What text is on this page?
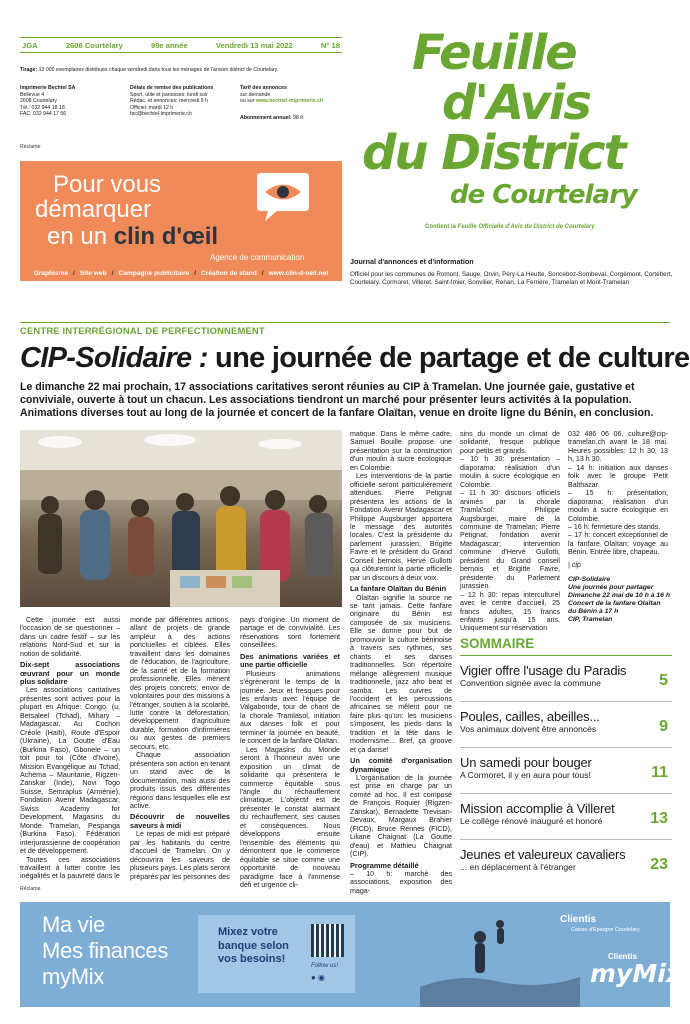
JGA	2608 Courtelary	99e année	Vendredi 13 mai 2022	N° 18
Tirage: 12 000 exemplaires distribués chaque vendredi dans tous les ménages de l'ancien district de Courtelary.
Imprimerie Bechtel SA
Bellevue 4
2608 Courtelary
Tél.: 032 944 18 18
FAC: 032 944 17 56
Délais de remise des publications
Sport, utile et paroisses: lundi soir
Rédac. et annonces: mercredi 9 h
Officiel: mardi 12 h
fac@bechtel-imprimerie.ch
Tarif des annonces
sur demande
ou sur www.bechtel-imprimerie.ch
Abonnement annuel: 98 fr.
Réclame
Pour vous
démarquer
en un clin d'œil
Agence de communication
Graphisme / Site web / Campagne publicitaire / Création de stand / www.clin-d-oeil.net
Feuille
d'Avis
du District
de Courtelary
Contient la Feuille Officielle d'Avis du District de Courtelary
Journal d'annonces et d'information
Officiel pour les communes de Romont, Sauge, Orvin, Péry-La Heutte, Sonceboz-Sombeval, Corgémont, Cortébert, Courtelary, Cormoret, Villeret, Saint-Imier, Sonvilier, Renan, La Ferrière, Tramelan et Mont-Tramelan
CENTRE INTERRÉGIONAL DE PERFECTIONNEMENT
CIP-Solidaire : une journée de partage et de culture
Le dimanche 22 mai prochain, 17 associations caritatives seront réunies au CIP à Tramelan. Une journée gaie, gustative et conviviale, ouverte à tout un chacun. Les associations tiendront un marché pour présenter leurs activités à la population. Animations diverses tout au long de la journée et concert de la fanfare Olaïtan, venue en droite ligne du Bénin, en conclusion.

Cette journée est aussi l'occasion de se questionner – dans un cadre festif – sur les relations Nord-Sud et sur la notion de solidarité.

Dix-sept associations œuvrant pour un monde plus solidaire

Les associations caritatives présentes sont actives pour la plupart en Afrique: Congo. (u, Betsaleel (Tchad), Mihary – Madagascar, Au Cochon Créole (Haïti), Route d'Espoir (Ukraine), La Goutte d'Eau (Burkina Faso), Gbonele – un toit pour toi (Côte d'Ivoire), Mission Evangélique au Tchad, Achema – Mauritanie, Rigzen-Zanskar (Inde), Novi Togo Suisse, Semraplus (Arménie), Fondation Avenir Madagascar, Swiss Academy for Development, Magasins du Monde Tramelan, Pespanga (Burkina Faso). Fédération interjurassienne de coopération et de développement.

Toutes ces associations travaillent à lutter contre les inégalités et la pauvreté dans le

monde par différentes actions, allant de projets de grande ampleur à des actions ponctuelles et ciblées. Elles travaillent dans les domaines de l'éducation, de l'agriculture, de la santé et de la formation professionnelle. Elles mènent des projets concrets: envoi de volontaires pour des missions à l'étranger, soutien à la scolarité, lutte contre la déforestation, développement d'agriculture durable, formation d'infirmières ou aux gestes de premiers secours, etc.

Chaque association présentera son action en tenant un stand avec de la documentation, mais aussi des produits issus des différentes régions dans lesquelles elle est active.

Découvrir de nouvelles saveurs à midi

Le repas de midi est préparé par les habitants du centre d'accueil de Tramelan. On y découvrira les saveurs de plusieurs pays. Les plats seront préparés par les personnes des

pays d'origine. Un moment de partage et de convivialité. Les réservations sont fortement conseillées.

Des animations variées et une partie officielle

Plusieurs animations s'égrèneront le temps de la journée. Jeux et fresques pour les enfants avec l'équipe de Valgabonde, tour de chant de la chorale Tramlasol, initiation aux danses folk et pour terminer la journée en beauté, le concert de la fanfare Olaïtan.

Les Magasins du Monde seront à l'honneur avec une exposition un climat de solidarité qui présentera le commerce équitable sous l'angle du réchauffement climatique. L'objectif est de présenter le constat alarmant du réchauffement, ses causes et conséquences. Nous développons ensuite l'ensemble des éléments qui démontrent que le commerce équitable se situe comme une opportunité de nouveau paradigme face à l'immense défi et urgence cli-

matique. Dans le même cadre, Samuel Bouille propose une présentation sur la construction d'un moulin à sucre écologique en Colombie.

Les interventions de la partie officielle seront particulièrement attendues. Pierre Petignat présentera les actions de la Fondation Avenir Madagascar et Philippe Augsburger apportera le message des autorités locales. C'est la présidente du parlement jurassien, Brigitte Favre et le président du Grand Conseil bernois, Hervé Gullotti qui clôtureront la partie officielle par un discours à deux voix.

La fanfare Olaïtan du Bénin

Olaïtan signifie la source ne se tarit jamais. Cette fanfare originaire du Bénin est composée de six musiciens. Elle se donne pour but de promouvoir la culture béninoise à travers ses rythmes, ses chants et ses danses traditionnelles. Son répertoire mélange allègrement musique traditionnelle, jazz afro beat et samba. Les cuivres de l'occident et les percussions africaines se mêlent pour ne faire plus qu'un: les musiciens s'imposent, les pieds dans la tradition et la tête dans le modernisme... Bref, ça groove et ça danse!

Un comité d'organisation dynamique

L'organisation de la journée est prise en charge par un comité ad hoc. Il est composé de François Roquier (Rigzen-Zanskar), Bernadette Trevisan-Devaux, Margaux Brahier (FICD), Bruce Rennes (FICD), Liliane Chaignat (La Goutte d'eau) et Mathieu Chaignat (CIP).

Programme détaillé

– 10 h: marché des associations, exposition des maga-

sins du monde un climat de solidarité, fresque publique pour petits et grands.

– 10 h 30: présentation – diaporama: réalisation d'un moulin à sucre écologique en Colombie.

– 11 h 30: discours officiels animés par la chorale Tramla'sol: Philippe Augsburger, maire de la commune de Tramelan; Pierre Petignat, fondation avenir Madagascar; intervention commune d'Hervé Gullotti, président du Grand conseil bernois et Brigitte Favre, présidente du Parlement jurassien.

– 12 h 30: repas interculturel avec le centre d'accueil, 25 francs adultes, 15 francs enfants jusqu'à 15 ans. Uniquement sur réservation

032 486 06 06, culture@cip-tramelan.ch avant le 18 mai. Heures possibles: 12 h 30, 13 h, 13 h 30.

– 14 h: initiation aux danses folk avec le groupe Petit Balthazar.

– 15 h: présentation; diaporama: réalisation d'un moulin à sucre écologique en Colombie.

– 16 h: fermeture des stands.

– 17 h: concert exceptionnel de la fanfare Olaïtan; voyage au Bénin. Entrée libre, chapeau.

| cip

CIP-Solidaire
Une journée pour partager
Dimanche 22 mai de 10 h à 16 h
Concert de la fanfare Olaïtan
du Bénin à 17 h
CIP, Tramelan
SOMMAIRE
Vigier offre l'usage du Paradis
Convention signée avec la commune	5
Poules, cailles, abeilles...
Vos animaux doivent être annoncés	9
Un samedi pour bouger
A Cormoret, il y en aura pour tous!	11
Mission accomplie à Villeret
Le collège rénové inauguré et honoré	13
Jeunes et valeureux cavaliers
... en déplacement à l'étranger	23
Réclame
Ma vie
Mes finances
myMix
Mixez votre banque selon vos besoins!
Follow us!
● ◉
Clientis
Caisse d'Epargne Courtelary
Clientis
myMix
